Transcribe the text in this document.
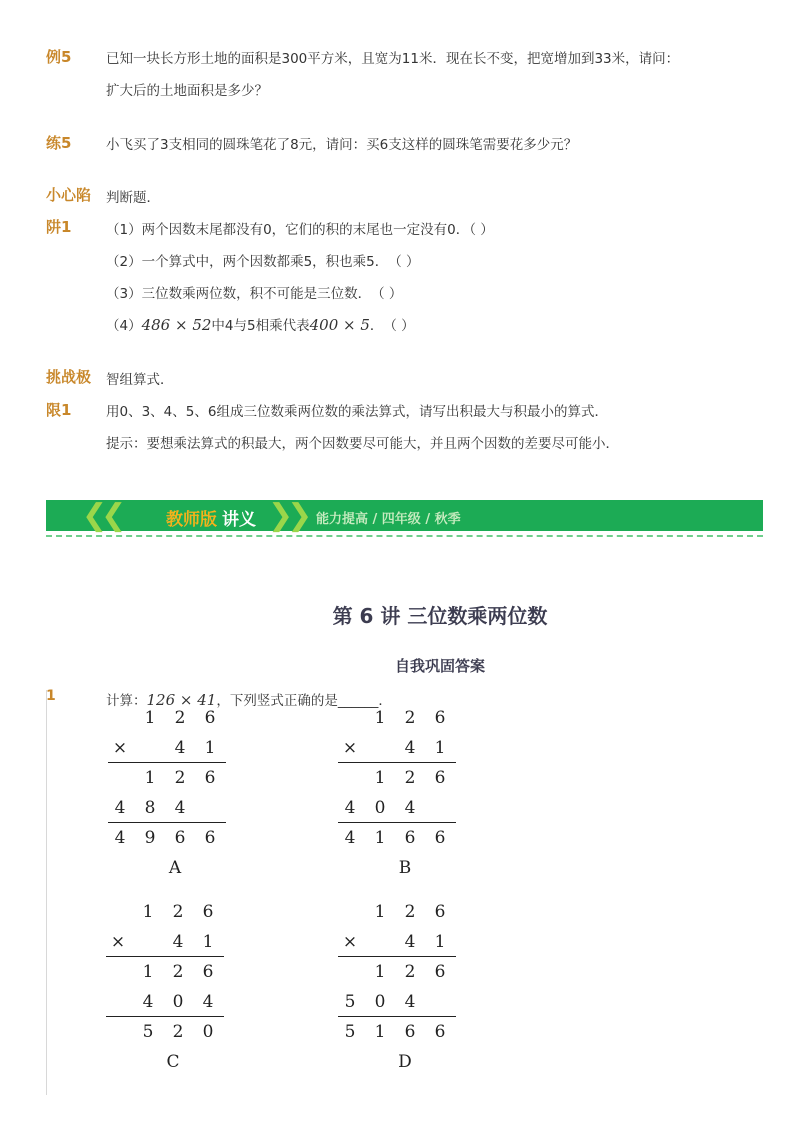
例5	已知一块长方形土地的面积是300平方米，且宽为11米．现在长不变，把宽增加到33米，请问：
扩大后的土地面积是多少？
练5	小飞买了3支相同的圆珠笔花了8元，请问：买6支这样的圆珠笔需要花多少元？
小心陷 判断题．
阱1	（1）两个因数末尾都没有0，它们的积的末尾也一定没有0．（ ）
（2）一个算式中，两个因数都乘5，积也乘5．　（ ）
（3）三位数乘两位数，积不可能是三位数．　（ ）
（4）486 × 52中4与5相乘代表400 × 5．　（ ）
挑战极 智组算式．
限1	用0、3、4、5、6组成三位数乘两位数的乘法算式，请写出积最大与积最小的算式．
提示：要想乘法算式的积最大，两个因数要尽可能大，并且两个因数的差要尽可能小．
❮❮	教师版 讲义 ❯❯ 能力提高 / 四年级 / 秋季
第 6 讲 三位数乘两位数
自我巩固答案
1	计算：126 × 41，下列竖式正确的是______．
1 2 6
×	4 1
1 2 6
4 8 4
4 9 6 6
A
1 2 6
×	4 1
1 2 6
4 0 4
4 1 6 6
B
1 2 6
×	4 1
1 2 6
4 0 4
5 2 0
C
1 2 6
×	4 1
1 2 6
5 0 4
5 1 6 6
D
